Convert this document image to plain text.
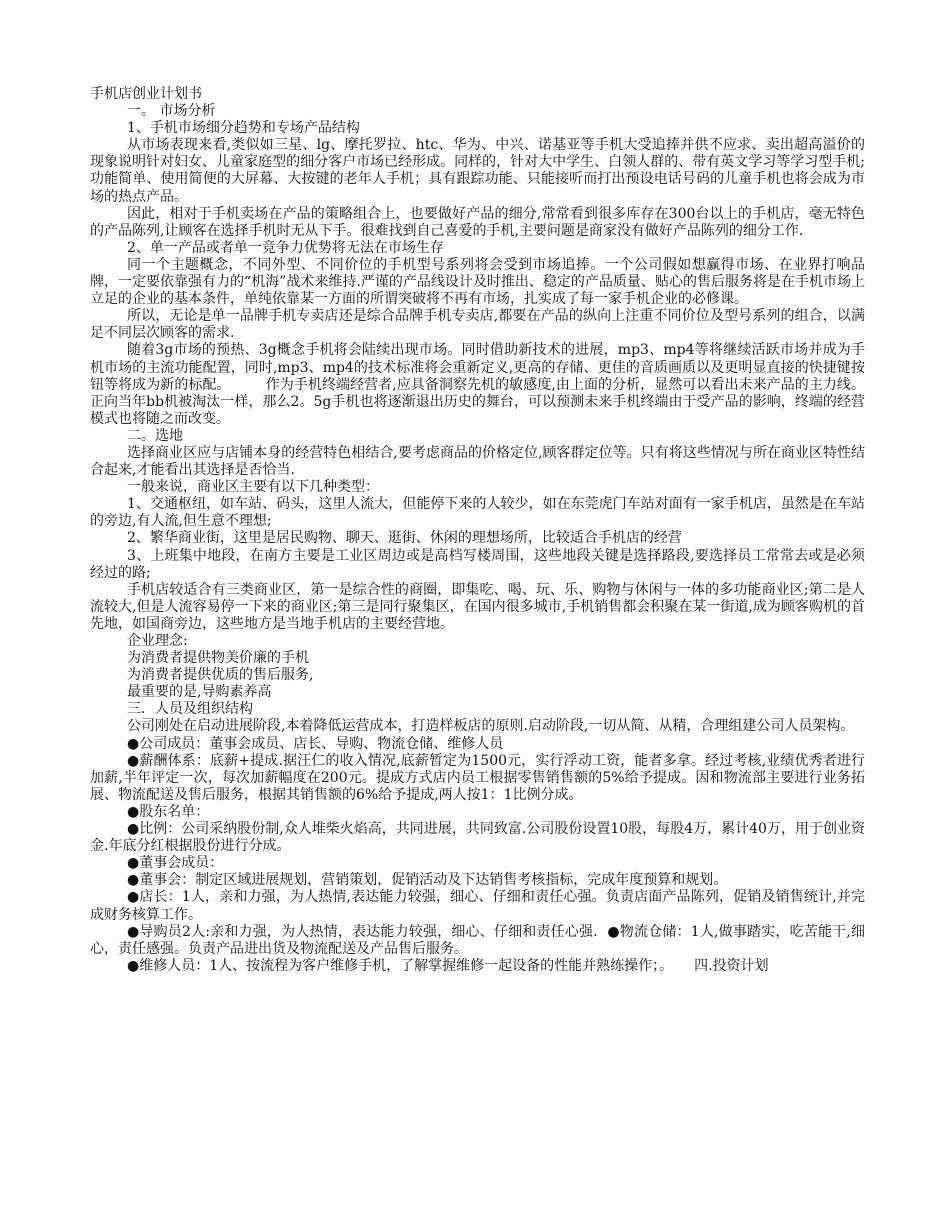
手机店创业计划书

一。 市场分析

1、手机市场细分趋势和专场产品结构

从市场表现来看,类似如三星、lg、摩托罗拉、htc、华为、中兴、诺基亚等手机大受追捧并供不应求、卖出超高溢价的现象说明针对妇女、儿童家庭型的细分客户市场已经形成。同样的，针对大中学生、白领人群的、带有英文学习等学习型手机;功能简单、使用简便的大屏幕、大按键的老年人手机；具有跟踪功能、只能接听而打出预设电话号码的儿童手机也将会成为市场的热点产品。

因此，相对于手机卖场在产品的策略组合上，也要做好产品的细分,常常看到很多库存在300台以上的手机店，毫无特色的产品陈列,让顾客在选择手机时无从下手。很难找到自己喜爱的手机,主要问题是商家没有做好产品陈列的细分工作.

2、单一产品或者单一竞争力优势将无法在市场生存

同一个主题概念，不同外型、不同价位的手机型号系列将会受到市场追捧。一个公司假如想赢得市场、在业界打响品牌，一定要依靠强有力的“机海”战术来维持.严谨的产品线设计及时推出、稳定的产品质量、贴心的售后服务将是在手机市场上立足的企业的基本条件，单纯依靠某一方面的所谓突破将不再有市场，扎实成了每一家手机企业的必修课。

所以，无论是单一品牌手机专卖店还是综合品牌手机专卖店,都要在产品的纵向上注重不同价位及型号系列的组合，以满足不同层次顾客的需求.

随着3g市场的预热、3g概念手机将会陆续出现市场。同时借助新技术的进展，mp3、mp4等将继续活跃市场并成为手机市场的主流功能配置，同时,mp3、mp4的技术标准将会重新定义,更高的存储、更佳的音质画质以及更明显直接的快捷键按钮等将成为新的标配。　　　作为手机终端经营者,应具备洞察先机的敏感度,由上面的分析，显然可以看出未来产品的主力线。正向当年bb机被淘汰一样，那么2。5g手机也将逐渐退出历史的舞台，可以预测未来手机终端由于受产品的影响，终端的经营模式也将随之而改变。

二。选地

选择商业区应与店铺本身的经营特色相结合,要考虑商品的价格定位,顾客群定位等。只有将这些情况与所在商业区特性结合起来,才能看出其选择是否恰当.

一般来说，商业区主要有以下几种类型：

1、交通枢纽，如车站、码头，这里人流大，但能停下来的人较少，如在东莞虎门车站对面有一家手机店，虽然是在车站的旁边,有人流,但生意不理想;

2、繁华商业街，这里是居民购物、聊天、逛街、休闲的理想场所，比较适合手机店的经营

3、上班集中地段，在南方主要是工业区周边或是高档写楼周围，这些地段关键是选择路段,要选择员工常常去或是必须经过的路;

手机店较适合有三类商业区，第一是综合性的商圈，即集吃、喝、玩、乐、购物与休闲与一体的多功能商业区;第二是人流较大,但是人流容易停一下来的商业区;第三是同行聚集区，在国内很多城市,手机销售都会积聚在某一街道,成为顾客购机的首先地，如国商旁边，这些地方是当地手机店的主要经营地。

企业理念:

为消费者提供物美价廉的手机

为消费者提供优质的售后服务,

最重要的是,导购素养高

三．人员及组织结构

公司刚处在启动进展阶段,本着降低运营成本，打造样板店的原则.启动阶段,一切从简、从精，合理组建公司人员架构。

●公司成员：董事会成员、店长、导购、物流仓储、维修人员

●薪酬体系：底薪+提成.据汪仁的收入情况,底薪暂定为1500元，实行浮动工资，能者多拿。经过考核,业绩优秀者进行加薪,半年评定一次，每次加薪幅度在200元。提成方式店内员工根据零售销售额的5%给予提成。因和物流部主要进行业务拓展、物流配送及售后服务，根据其销售额的6%给予提成,两人按1：1比例分成。

●股东名单：

●比例：公司采纳股份制,众人堆柴火焰高，共同进展，共同致富.公司股份设置10股，每股4万，累计40万，用于创业资金.年底分红根据股份进行分成。

●董事会成员：

●董事会：制定区域进展规划，营销策划，促销活动及下达销售考核指标，完成年度预算和规划。

●店长：1人，亲和力强，为人热情,表达能力较强，细心、仔细和责任心强。负责店面产品陈列，促销及销售统计,并完成财务核算工作。

●导购员2人:亲和力强，为人热情，表达能力较强，细心、仔细和责任心强．●物流仓储：1人,做事踏实，吃苦能干,细心，责任感强。负责产品进出货及物流配送及产品售后服务。

●维修人员：1人、按流程为客户维修手机，了解掌握维修一起设备的性能并熟练操作；。　　四.投资计划
